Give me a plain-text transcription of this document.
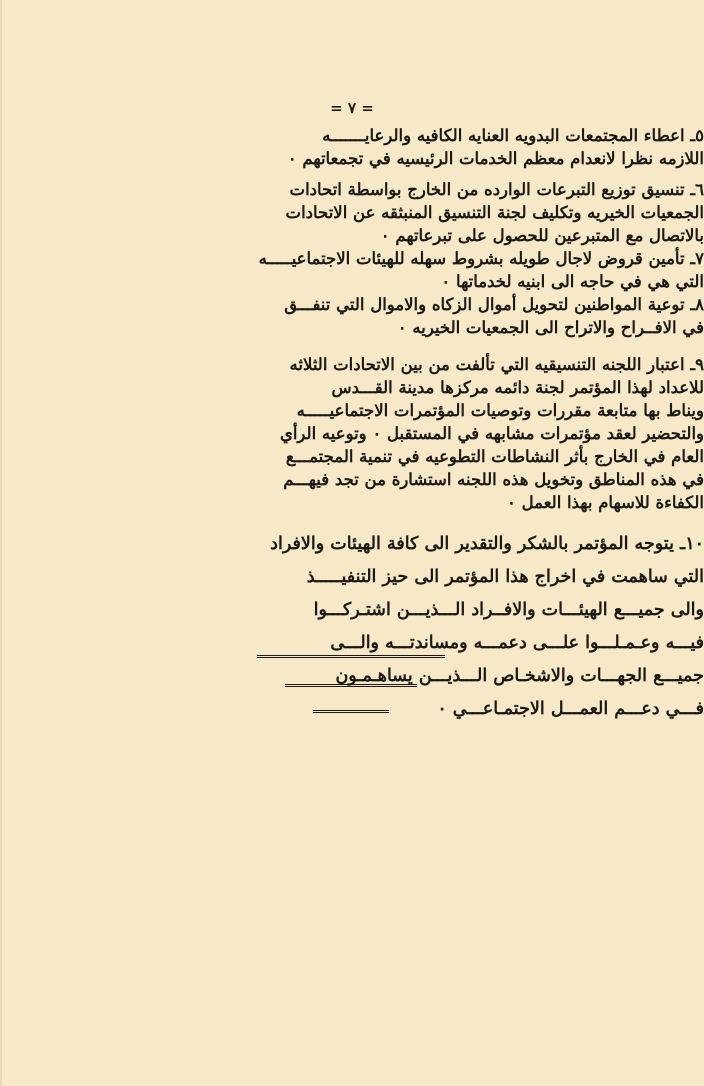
= ٧ =
٥ـ اعطاء المجتمعات البدويه العنايه الكافيه والرعايـــــــه
اللازمه نظرا لانعدام معظم الخدمات الرئيسيه في تجمعاتهم ٠
٦ـ تنسيق توزيع التبرعات الوارده من الخارج بواسطة اتحادات
الجمعيات الخيريه وتكليف لجنة التنسيق المنبثقه عن الاتحادات
بالاتصال مع المتبرعين للحصول على تبرعاتهم ٠
٧ـ تأمين قروض لاجال طويله بشروط سهله للهيئات الاجتماعيـــــه
التي هي في حاجه الى ابنيه لخدماتها ٠
٨ـ توعية المواطنين لتحويل أموال الزكاه والاموال التي تنفـــق
في الافــراح والاتراح الى الجمعيات الخيريه ٠
٩ـ اعتبار اللجنه التنسيقيه التي تألفت من بين الاتحادات الثلاثه
للاعداد لهذا المؤتمر لجنة دائمه مركزها مدينة القـــدس
ويناط بها متابعة مقررات وتوصيات المؤتمرات الاجتماعيـــــه
والتحضير لعقد مؤتمرات مشابهه في المستقبل ٠ وتوعيه الرأي
العام في الخارج بأثر النشاطات التطوعيه في تنمية المجتمـــع
في هذه المناطق وتخويل هذه اللجنه استشارة من تجد فيهـــم
الكفاءة للاسهام بهذا العمل ٠
١٠ـ يتوجه المؤتمر بالشكر والتقدير الى كافة الهيئات والافراد
التي ساهمت في اخراج هذا المؤتمر الى حيز التنفيـــــذ
والى جميـــع الهيئـــات والافــراد الـــذيـــن اشتـركـــوا
فيـــه وعـمـلـــوا علـــى دعمـــه ومساندتـــه والـــى
جميـــع الجهـــات والاشخـاص الـــذيـــن يساهـمـون
فـــي دعـــم العمـــل الاجتمـاعـــي ٠
